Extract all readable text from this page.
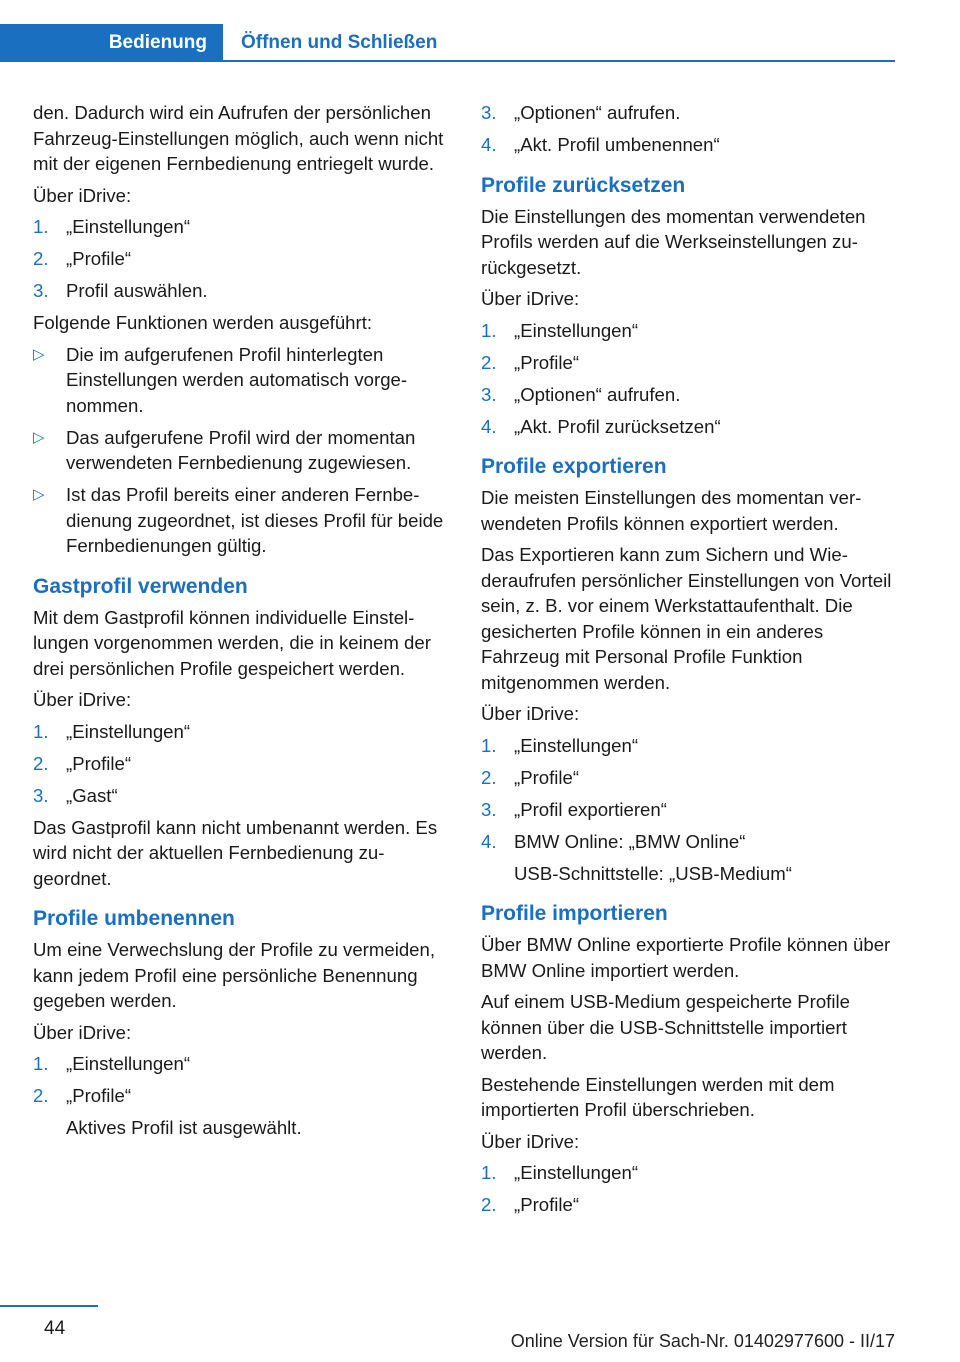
Bedienung	Öffnen und Schließen

den. Dadurch wird ein Aufrufen der persönlichen Fahrzeug-Einstellungen möglich, auch wenn nicht mit der eigenen Fernbedienung entriegelt wurde.

Über iDrive:

1. „Einstellungen“
2. „Profile“
3. Profil auswählen.

Folgende Funktionen werden ausgeführt:

▷	Die im aufgerufenen Profil hinterlegten Einstellungen werden automatisch vorgenommen.
▷	Das aufgerufene Profil wird der momentan verwendeten Fernbedienung zugewiesen.
▷	Ist das Profil bereits einer anderen Fernbedienung zugeordnet, ist dieses Profil für beide Fernbedienungen gültig.
Gastprofil verwenden

Mit dem Gastprofil können individuelle Einstellungen vorgenommen werden, die in keinem der drei persönlichen Profile gespeichert werden.

Über iDrive:

1. „Einstellungen“
2. „Profile“
3. „Gast“

Das Gastprofil kann nicht umbenannt werden. Es wird nicht der aktuellen Fernbedienung zugeordnet.

Profile umbenennen

Um eine Verwechslung der Profile zu vermeiden, kann jedem Profil eine persönliche Benennung gegeben werden.

Über iDrive:

1. „Einstellungen“
2. „Profile“

Aktives Profil ist ausgewählt.

3. „Optionen“ aufrufen.
4. „Akt. Profil umbenennen“
Profile zurücksetzen

Die Einstellungen des momentan verwendeten Profils werden auf die Werkseinstellungen zurückgesetzt.

Über iDrive:

1. „Einstellungen“
2. „Profile“
3. „Optionen“ aufrufen.
4. „Akt. Profil zurücksetzen“
Profile exportieren

Die meisten Einstellungen des momentan verwendeten Profils können exportiert werden.

Das Exportieren kann zum Sichern und Wiederaufrufen persönlicher Einstellungen von Vorteil sein, z. B. vor einem Werkstattaufenthalt. Die gesicherten Profile können in ein anderes Fahrzeug mit Personal Profile Funktion mitgenommen werden.

Über iDrive:

1. „Einstellungen“
2. „Profile“
3. „Profil exportieren“
4. BMW Online: „BMW Online“

USB-Schnittstelle: „USB-Medium“

Profile importieren

Über BMW Online exportierte Profile können über BMW Online importiert werden.

Auf einem USB-Medium gespeicherte Profile können über die USB-Schnittstelle importiert werden.

Bestehende Einstellungen werden mit dem importierten Profil überschrieben.

Über iDrive:

1. „Einstellungen“
2. „Profile“
44
Online Version für Sach-Nr. 01402977600 - II/17
